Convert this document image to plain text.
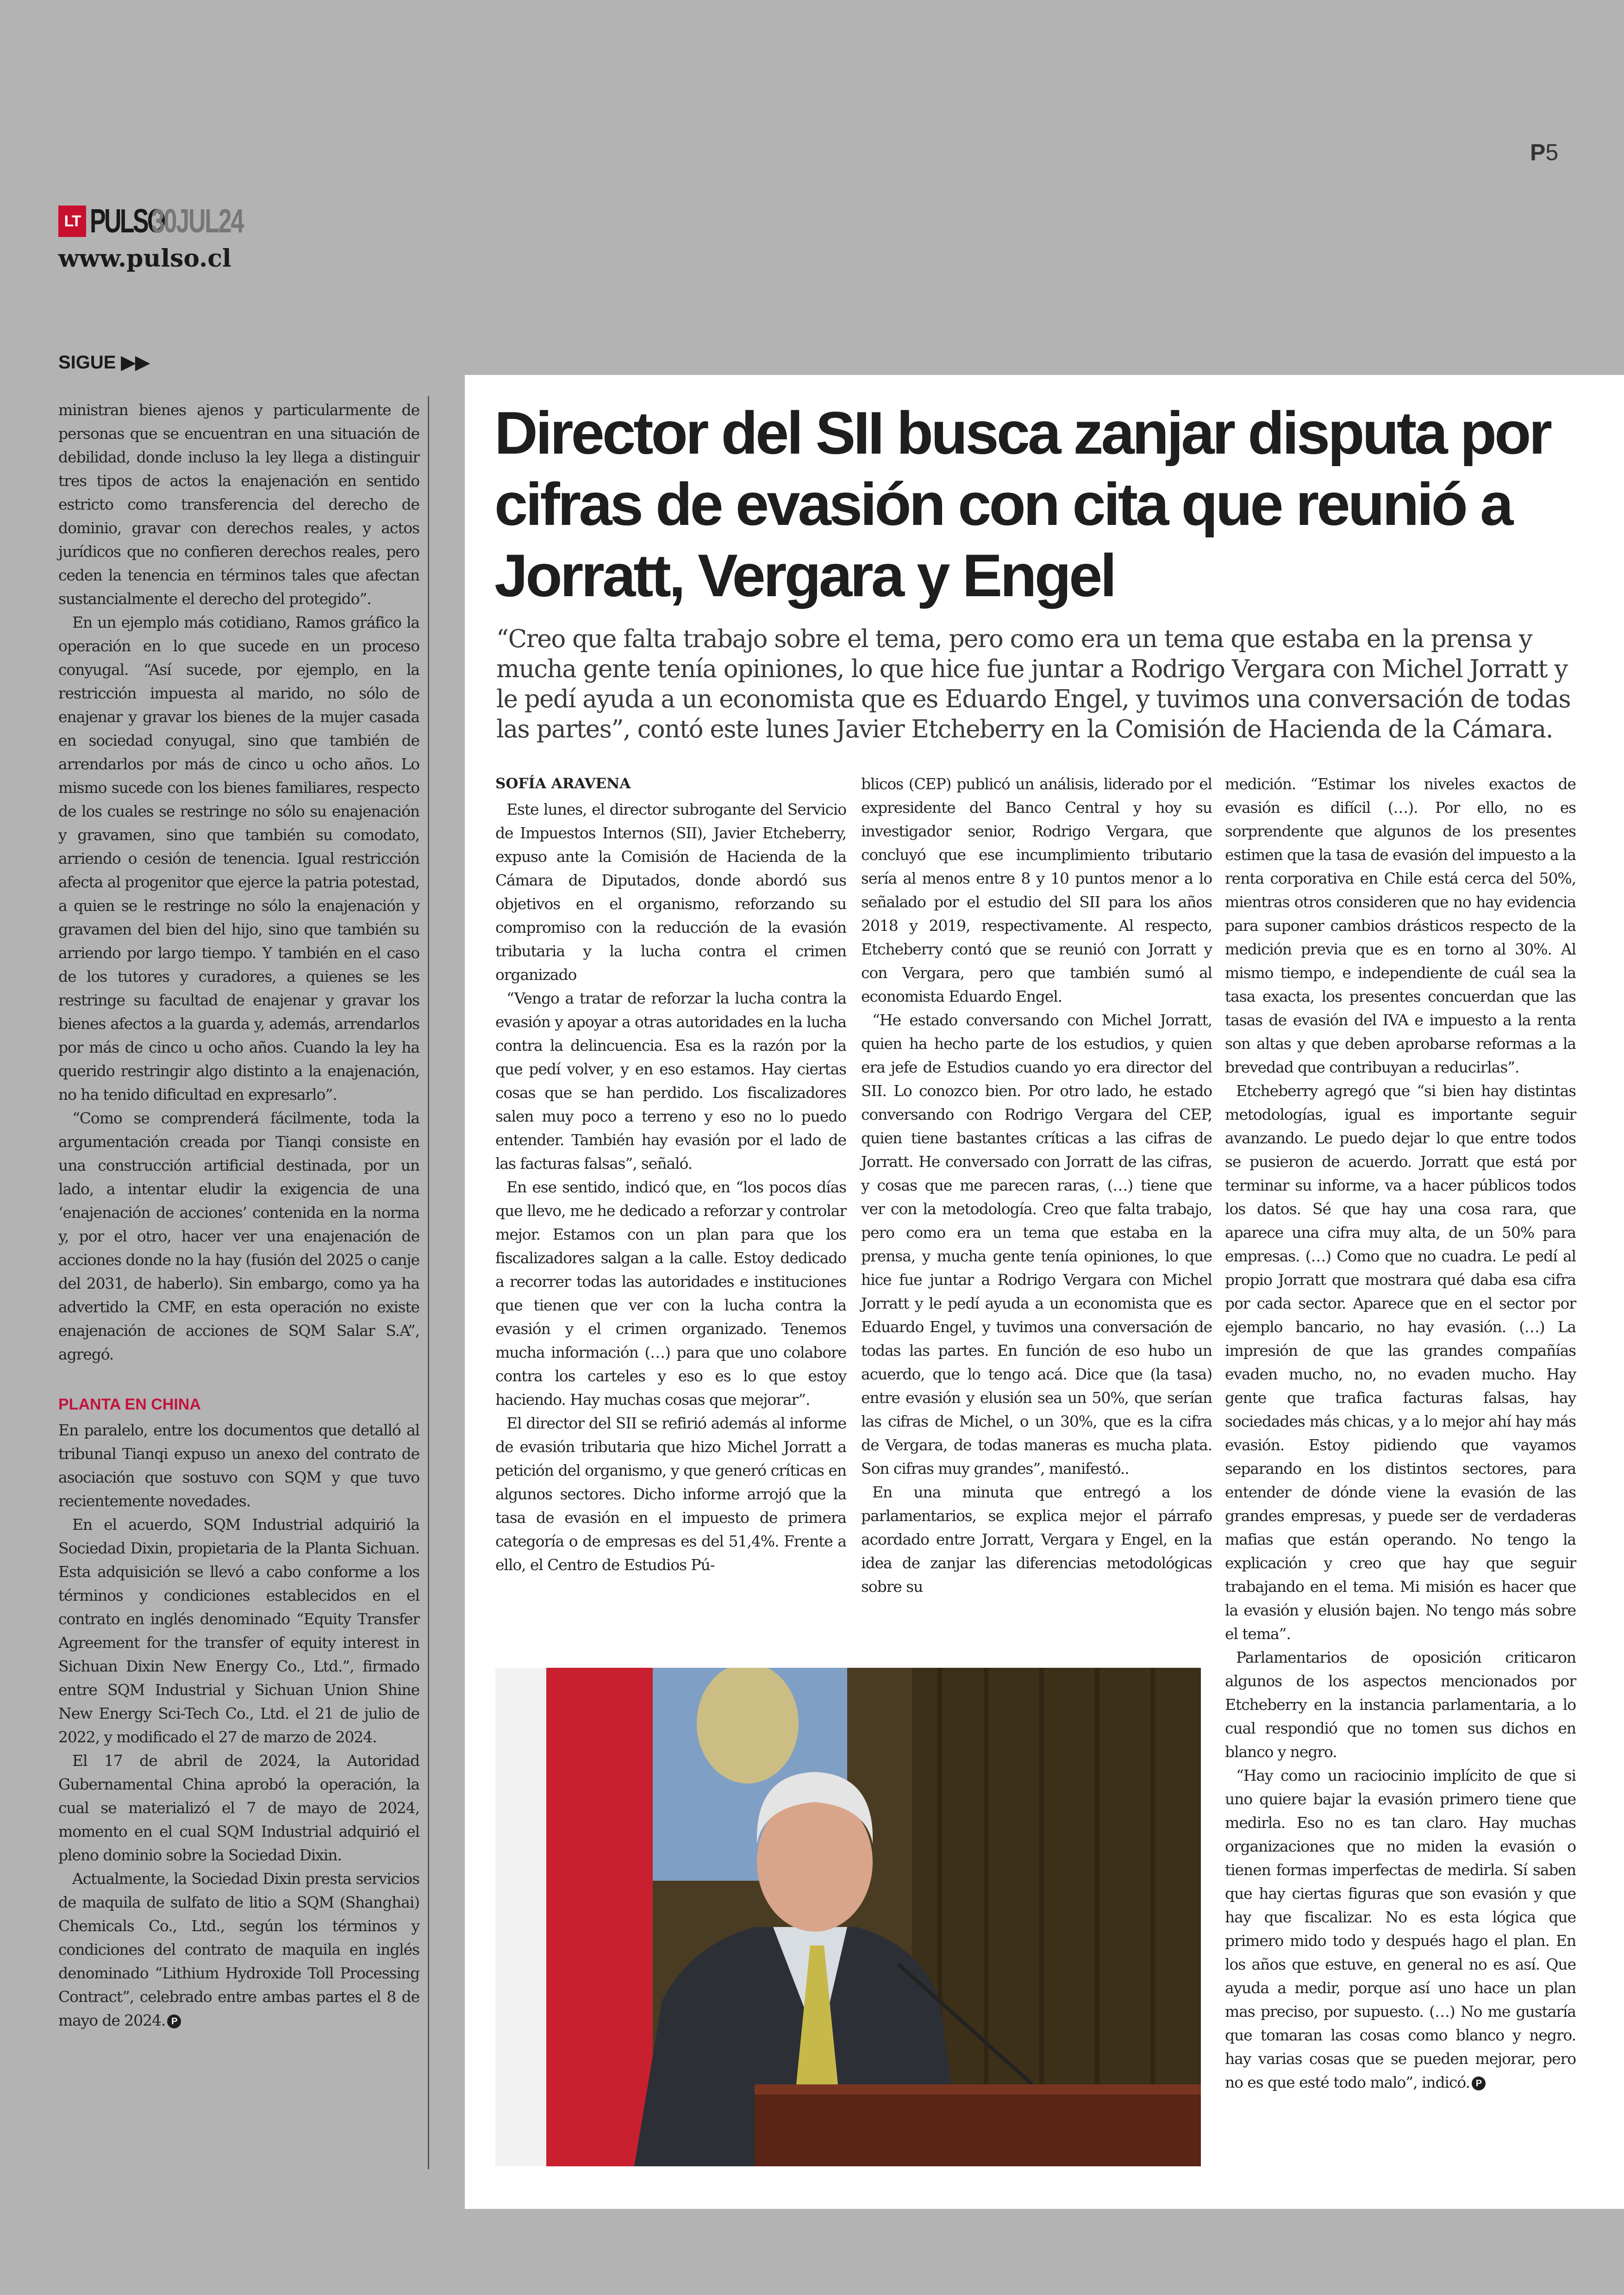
P5
LT PULSO
30JUL24
www.pulso.cl
SIGUE ▶▶

ministran bienes ajenos y particularmente de personas que se encuentran en una situación de debilidad, donde incluso la ley llega a distinguir tres tipos de actos la enajenación en sentido estricto como transferencia del derecho de dominio, gravar con derechos reales, y actos jurídicos que no confieren derechos reales, pero ceden la tenencia en términos tales que afectan sustancialmente el derecho del protegido”.

En un ejemplo más cotidiano, Ramos gráfico la operación en lo que sucede en un proceso conyugal. “Así sucede, por ejemplo, en la restricción impuesta al marido, no sólo de enajenar y gravar los bienes de la mujer casada en sociedad conyugal, sino que también de arrendarlos por más de cinco u ocho años. Lo mismo sucede con los bienes familiares, respecto de los cuales se restringe no sólo su enajenación y gravamen, sino que también su comodato, arriendo o cesión de tenencia. Igual restricción afecta al progenitor que ejerce la patria potestad, a quien se le restringe no sólo la enajenación y gravamen del bien del hijo, sino que también su arriendo por largo tiempo. Y también en el caso de los tutores y curadores, a quienes se les restringe su facultad de enajenar y gravar los bienes afectos a la guarda y, además, arrendarlos por más de cinco u ocho años. Cuando la ley ha querido restringir algo distinto a la enajenación, no ha tenido dificultad en expresarlo”.

“Como se comprenderá fácilmente, toda la argumentación creada por Tianqi consiste en una construcción artificial destinada, por un lado, a intentar eludir la exigencia de una ‘enajenación de acciones’ contenida en la norma y, por el otro, hacer ver una enajenación de acciones donde no la hay (fusión del 2025 o canje del 2031, de haberlo). Sin embargo, como ya ha advertido la CMF, en esta operación no existe enajenación de acciones de SQM Salar S.A”, agregó.

PLANTA EN CHINA

En paralelo, entre los documentos que detalló al tribunal Tianqi expuso un anexo del contrato de asociación que sostuvo con SQM y que tuvo recientemente novedades.

En el acuerdo, SQM Industrial adquirió la Sociedad Dixin, propietaria de la Planta Sichuan. Esta adquisición se llevó a cabo conforme a los términos y condiciones establecidos en el contrato en inglés denominado “Equity Transfer Agreement for the transfer of equity interest in Sichuan Dixin New Energy Co., Ltd.”, firmado entre SQM Industrial y Sichuan Union Shine New Energy Sci-Tech Co., Ltd. el 21 de julio de 2022, y modificado el 27 de marzo de 2024.

El 17 de abril de 2024, la Autoridad Gubernamental China aprobó la operación, la cual se materializó el 7 de mayo de 2024, momento en el cual SQM Industrial adquirió el pleno dominio sobre la Sociedad Dixin.

Actualmente, la Sociedad Dixin presta servicios de maquila de sulfato de litio a SQM (Shanghai) Chemicals Co., Ltd., según los términos y condiciones del contrato de maquila en inglés denominado “Lithium Hydroxide Toll Processing Contract”, celebrado entre ambas partes el 8 de mayo de 2024. P

Director del SII busca zanjar disputa por cifras de evasión con cita que reunió a Jorratt, Vergara y Engel

“Creo que falta trabajo sobre el tema, pero como era un tema que estaba en la prensa y mucha gente tenía opiniones, lo que hice fue juntar a Rodrigo Vergara con Michel Jorratt y le pedí ayuda a un economista que es Eduardo Engel, y tuvimos una conversación de todas las partes”, contó este lunes Javier Etcheberry en la Comisión de Hacienda de la Cámara.

SOFÍA ARAVENA

Este lunes, el director subrogante del Servicio de Impuestos Internos (SII), Javier Etcheberry, expuso ante la Comisión de Hacienda de la Cámara de Diputados, donde abordó sus objetivos en el organismo, reforzando su compromiso con la reducción de la evasión tributaria y la lucha contra el crimen organizado

“Vengo a tratar de reforzar la lucha contra la evasión y apoyar a otras autoridades en la lucha contra la delincuencia. Esa es la razón por la que pedí volver, y en eso estamos. Hay ciertas cosas que se han perdido. Los fiscalizadores salen muy poco a terreno y eso no lo puedo entender. También hay evasión por el lado de las facturas falsas”, señaló.

En ese sentido, indicó que, en “los pocos días que llevo, me he dedicado a reforzar y controlar mejor. Estamos con un plan para que los fiscalizadores salgan a la calle. Estoy dedicado a recorrer todas las autoridades e instituciones que tienen que ver con la lucha contra la evasión y el crimen organizado. Tenemos mucha información (…) para que uno colabore contra los carteles y eso es lo que estoy haciendo. Hay muchas cosas que mejorar”.

El director del SII se refirió además al informe de evasión tributaria que hizo Michel Jorratt a petición del organismo, y que generó críticas en algunos sectores. Dicho informe arrojó que la tasa de evasión en el impuesto de primera categoría o de empresas es del 51,4%. Frente a ello, el Centro de Estudios Pú-

blicos (CEP) publicó un análisis, liderado por el expresidente del Banco Central y hoy su investigador senior, Rodrigo Vergara, que concluyó que ese incumplimiento tributario sería al menos entre 8 y 10 puntos menor a lo señalado por el estudio del SII para los años 2018 y 2019, respectivamente. Al respecto, Etcheberry contó que se reunió con Jorratt y con Vergara, pero que también sumó al economista Eduardo Engel.

“He estado conversando con Michel Jorratt, quien ha hecho parte de los estudios, y quien era jefe de Estudios cuando yo era director del SII. Lo conozco bien. Por otro lado, he estado conversando con Rodrigo Vergara del CEP, quien tiene bastantes críticas a las cifras de Jorratt. He conversado con Jorratt de las cifras, y cosas que me parecen raras, (…) tiene que ver con la metodología. Creo que falta trabajo, pero como era un tema que estaba en la prensa, y mucha gente tenía opiniones, lo que hice fue juntar a Rodrigo Vergara con Michel Jorratt y le pedí ayuda a un economista que es Eduardo Engel, y tuvimos una conversación de todas las partes. En función de eso hubo un acuerdo, que lo tengo acá. Dice que (la tasa) entre evasión y elusión sea un 50%, que serían las cifras de Michel, o un 30%, que es la cifra de Vergara, de todas maneras es mucha plata. Son cifras muy grandes”, manifestó..

En una minuta que entregó a los parlamentarios, se explica mejor el párrafo acordado entre Jorratt, Vergara y Engel, en la idea de zanjar las diferencias metodológicas sobre su

medición. “Estimar los niveles exactos de evasión es difícil (…). Por ello, no es sorprendente que algunos de los presentes estimen que la tasa de evasión del impuesto a la renta corporativa en Chile está cerca del 50%, mientras otros consideren que no hay evidencia para suponer cambios drásticos respecto de la medición previa que es en torno al 30%. Al mismo tiempo, e independiente de cuál sea la tasa exacta, los presentes concuerdan que las tasas de evasión del IVA e impuesto a la renta son altas y que deben aprobarse reformas a la brevedad que contribuyan a reducirlas”.

Etcheberry agregó que “si bien hay distintas metodologías, igual es importante seguir avanzando. Le puedo dejar lo que entre todos se pusieron de acuerdo. Jorratt que está por terminar su informe, va a hacer públicos todos los datos. Sé que hay una cosa rara, que aparece una cifra muy alta, de un 50% para empresas. (…) Como que no cuadra. Le pedí al propio Jorratt que mostrara qué daba esa cifra por cada sector. Aparece que en el sector por ejemplo bancario, no hay evasión. (…) La impresión de que las grandes compañías evaden mucho, no, no evaden mucho. Hay gente que trafica facturas falsas, hay sociedades más chicas, y a lo mejor ahí hay más evasión. Estoy pidiendo que vayamos separando en los distintos sectores, para entender de dónde viene la evasión de las grandes empresas, y puede ser de verdaderas mafias que están operando. No tengo la explicación y creo que hay que seguir trabajando en el tema. Mi misión es hacer que la evasión y elusión bajen. No tengo más sobre el tema”.

Parlamentarios de oposición criticaron algunos de los aspectos mencionados por Etcheberry en la instancia parlamentaria, a lo cual respondió que no tomen sus dichos en blanco y negro.

“Hay como un raciocinio implícito de que si uno quiere bajar la evasión primero tiene que medirla. Eso no es tan claro. Hay muchas organizaciones que no miden la evasión o tienen formas imperfectas de medirla. Sí saben que hay ciertas figuras que son evasión y que hay que fiscalizar. No es esta lógica que primero mido todo y después hago el plan. En los años que estuve, en general no es así. Que ayuda a medir, porque así uno hace un plan mas preciso, por supuesto. (…) No me gustaría que tomaran las cosas como blanco y negro. hay varias cosas que se pueden mejorar, pero no es que esté todo malo”, indicó. P
